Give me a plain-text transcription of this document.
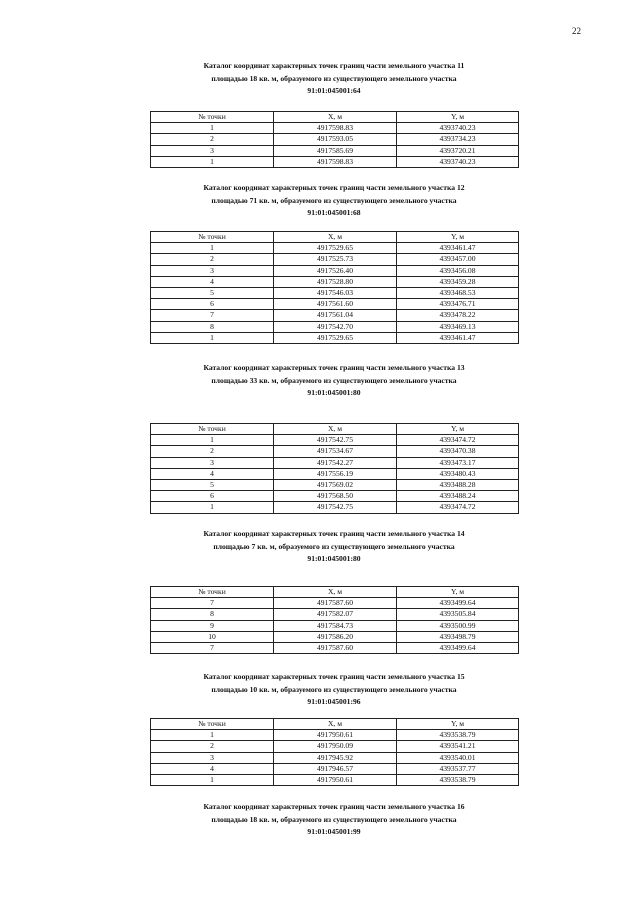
22
Каталог координат характерных точек границ части земельного участка 11
площадью 18 кв. м, образуемого из существующего земельного участка
91:01:045001:64
№ точки	X, м	Y, м
1	4917598.83	4393740.23
2	4917593.05	4393734.23
3	4917585.69	4393720.21
1	4917598.83	4393740.23
Каталог координат характерных точек границ части земельного участка 12
площадью 71 кв. м, образуемого из существующего земельного участка
91:01:045001:68
№ точки	X, м	Y, м
1	4917529.65	4393461.47
2	4917525.73	4393457.00
3	4917526.40	4393456.08
4	4917528.80	4393459.28
5	4917546.03	4393468.53
6	4917561.60	4393476.71
7	4917561.04	4393478.22
8	4917542.70	4393469.13
1	4917529.65	4393461.47
Каталог координат характерных точек границ части земельного участка 13
площадью 33 кв. м, образуемого из существующего земельного участка
91:01:045001:80
№ точки	X, м	Y, м
1	4917542.75	4393474.72
2	4917534.67	4393470.38
3	4917542.27	4393473.17
4	4917556.19	4393480.43
5	4917569.02	4393488.28
6	4917568.50	4393488.24
1	4917542.75	4393474.72
Каталог координат характерных точек границ части земельного участка 14
площадью 7 кв. м, образуемого из существующего земельного участка
91:01:045001:80
№ точки	X, м	Y, м
7	4917587.60	4393499.64
8	4917582.07	4393505.84
9	4917584.73	4393500.99
10	4917586.20	4393498.79
7	4917587.60	4393499.64
Каталог координат характерных точек границ части земельного участка 15
площадью 10 кв. м, образуемого из существующего земельного участка
91:01:045001:96
№ точки	X, м	Y, м
1	4917950.61	4393538.79
2	4917950.09	4393541.21
3	4917945.92	4393540.01
4	4917946.57	4393537.77
1	4917950.61	4393538.79
Каталог координат характерных точек границ части земельного участка 16
площадью 18 кв. м, образуемого из существующего земельного участка
91:01:045001:99
